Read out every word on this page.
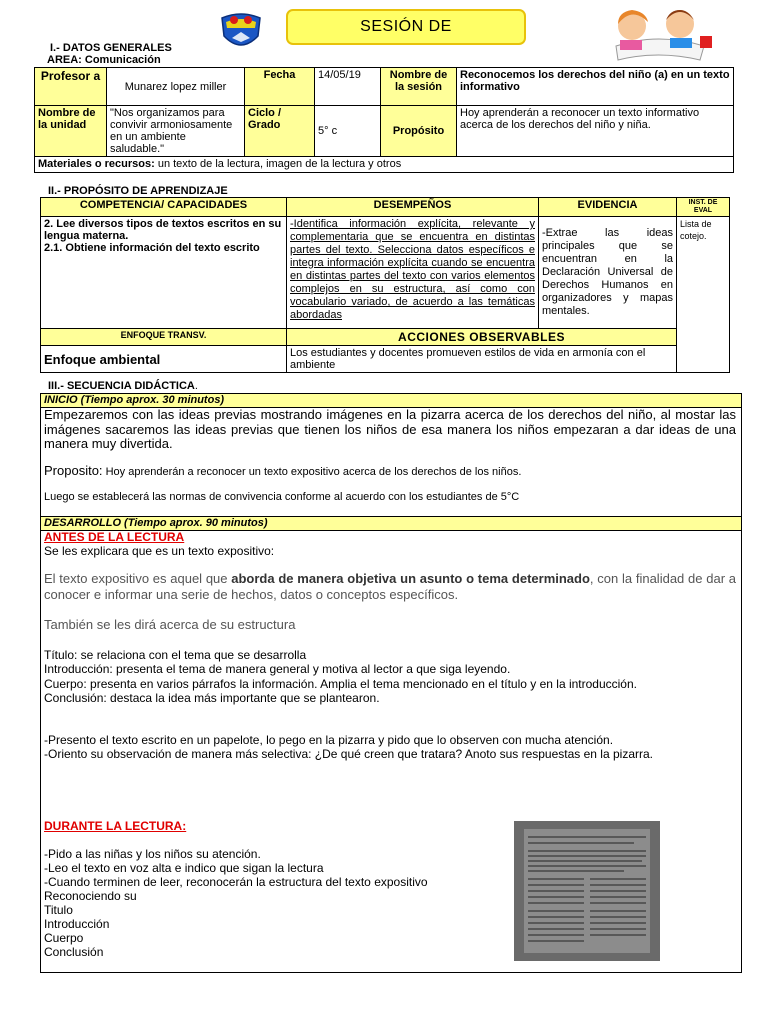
SESIÓN DE
I.- DATOS GENERALES
AREA: Comunicación
Profesor a	Munarez lopez miller	Fecha	14/05/19	Nombre de la sesión	Reconocemos los derechos del niño (a) en un texto informativo
Nombre de la unidad	"Nos organizamos para convivir armoniosamente en un ambiente saludable."	Ciclo / Grado	5° c	Propósito	Hoy aprenderán a reconocer un texto informativo acerca de los derechos del niño y niña.
Materiales o recursos: un texto de la lectura, imagen de la lectura y otros					
II.- PROPÓSITO DE APRENDIZAJE
COMPETENCIA/ CAPACIDADES	DESEMPEÑOS	EVIDENCIA	INST. DE EVAL

2. Lee diversos tipos de textos escritos en su lengua materna.
2.1. Obtiene información del texto escrito	-Identifica información explícita, relevante y complementaria que se encuentra en distintas partes del texto. Selecciona datos específicos e integra información explícita cuando se encuentra en distintas partes del texto con varios elementos complejos en su estructura, así como con vocabulario variado, de acuerdo a las temáticas abordadas	-Extrae las ideas principales que se encuentran en la Declaración Universal de Derechos Humanos en organizadores y mapas mentales.	Lista de cotejo.
ENFOQUE TRANSV.	ACCIONES OBSERVABLES		
Enfoque ambiental	Los estudiantes y docentes promueven estilos de vida en armonía con el ambiente		
III.- SECUENCIA DIDÁCTICA.
INICIO (Tiempo aprox. 30 minutos)
Empezaremos con las ideas previas mostrando imágenes en la pizarra acerca de los derechos del niño, al mostar las imágenes sacaremos las ideas previas que tienen los niños de esa manera los niños empezaran a dar ideas de una manera muy divertida.
Proposito: Hoy aprenderán a reconocer un texto expositivo acerca de los derechos de los niños.
Luego se establecerá las normas de convivencia conforme al acuerdo con los estudiantes de 5°C
DESARROLLO (Tiempo aprox. 90 minutos)
ANTES DE LA LECTURA
Se les explicara que es un texto expositivo:
El texto expositivo es aquel que aborda de manera objetiva un asunto o tema determinado, con la finalidad de dar a conocer e informar una serie de hechos, datos o conceptos específicos.
También se les dirá acerca de su estructura
Título: se relaciona con el tema que se desarrolla
Introducción: presenta el tema de manera general y motiva al lector a que siga leyendo.
Cuerpo: presenta en varios párrafos la información. Amplia el tema mencionado en el título y en la introducción.
Conclusión: destaca la idea más importante que se plantearon.
-Presento el texto escrito en un papelote, lo pego en la pizarra y pido que lo observen con mucha atención.
-Oriento su observación de manera más selectiva: ¿De qué creen que tratara? Anoto sus respuestas en la pizarra.
DURANTE LA LECTURA:
-Pido a las niñas y los niños su atención.
-Leo el texto en voz alta e indico que sigan la lectura
-Cuando terminen de leer, reconocerán la estructura del texto expositivo
Reconociendo su
Titulo
Introducción
Cuerpo
Conclusión
